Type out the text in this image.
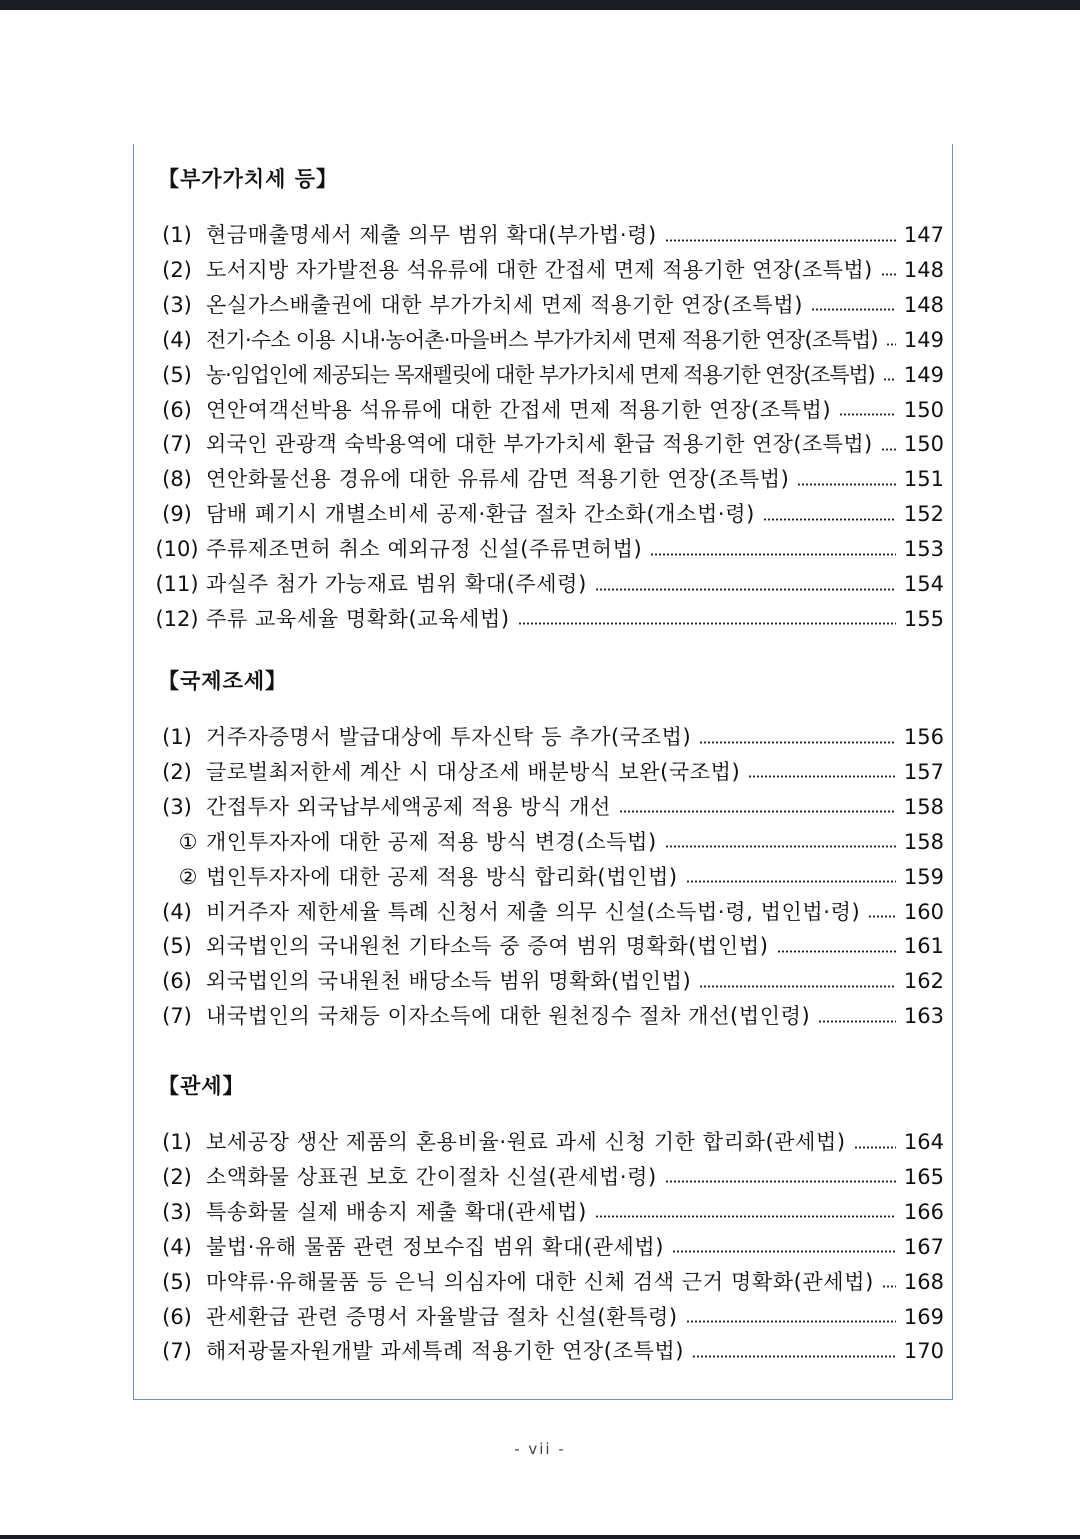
【부가가치세 등】
(1) 현금매출명세서 제출 의무 범위 확대(부가법·령)	147
(2) 도서지방 자가발전용 석유류에 대한 간접세 면제 적용기한 연장(조특법) 148
(3) 온실가스배출권에 대한 부가가치세 면제 적용기한 연장(조특법)	148
(4) 전기·수소 이용 시내·농어촌·마을버스 부가가치세 면제 적용기한 연장(조특법) 149
(5) 농·임업인에 제공되는 목재펠릿에 대한 부가가치세 면제 적용기한 연장(조특법) 149
(6) 연안여객선박용 석유류에 대한 간접세 면제 적용기한 연장(조특법)	150
(7) 외국인 관광객 숙박용역에 대한 부가가치세 환급 적용기한 연장(조특법) 150
(8) 연안화물선용 경유에 대한 유류세 감면 적용기한 연장(조특법)	151
(9) 담배 폐기시 개별소비세 공제·환급 절차 간소화(개소법·령)	152
(10) 주류제조면허 취소 예외규정 신설(주류면허법)	153
(11) 과실주 첨가 가능재료 범위 확대(주세령)	154
(12) 주류 교육세율 명확화(교육세법)	155
【국제조세】
(1) 거주자증명서 발급대상에 투자신탁 등 추가(국조법)	156
(2) 글로벌최저한세 계산 시 대상조세 배분방식 보완(국조법)	157
(3) 간접투자 외국납부세액공제 적용 방식 개선	158
① 개인투자자에 대한 공제 적용 방식 변경(소득법)	158
② 법인투자자에 대한 공제 적용 방식 합리화(법인법)	159
(4) 비거주자 제한세율 특례 신청서 제출 의무 신설(소득법·령, 법인법·령) 160
(5) 외국법인의 국내원천 기타소득 중 증여 범위 명확화(법인법)	161
(6) 외국법인의 국내원천 배당소득 범위 명확화(법인법)	162
(7) 내국법인의 국채등 이자소득에 대한 원천징수 절차 개선(법인령)	163
【관세】
(1) 보세공장 생산 제품의 혼용비율·원료 과세 신청 기한 합리화(관세법)	164
(2) 소액화물 상표권 보호 간이절차 신설(관세법·령)	165
(3) 특송화물 실제 배송지 제출 확대(관세법)	166
(4) 불법·유해 물품 관련 정보수집 범위 확대(관세법)	167
(5) 마약류·유해물품 등 은닉 의심자에 대한 신체 검색 근거 명확화(관세법) 168
(6) 관세환급 관련 증명서 자율발급 절차 신설(환특령)	169
(7) 해저광물자원개발 과세특례 적용기한 연장(조특법)	170
- vii -
